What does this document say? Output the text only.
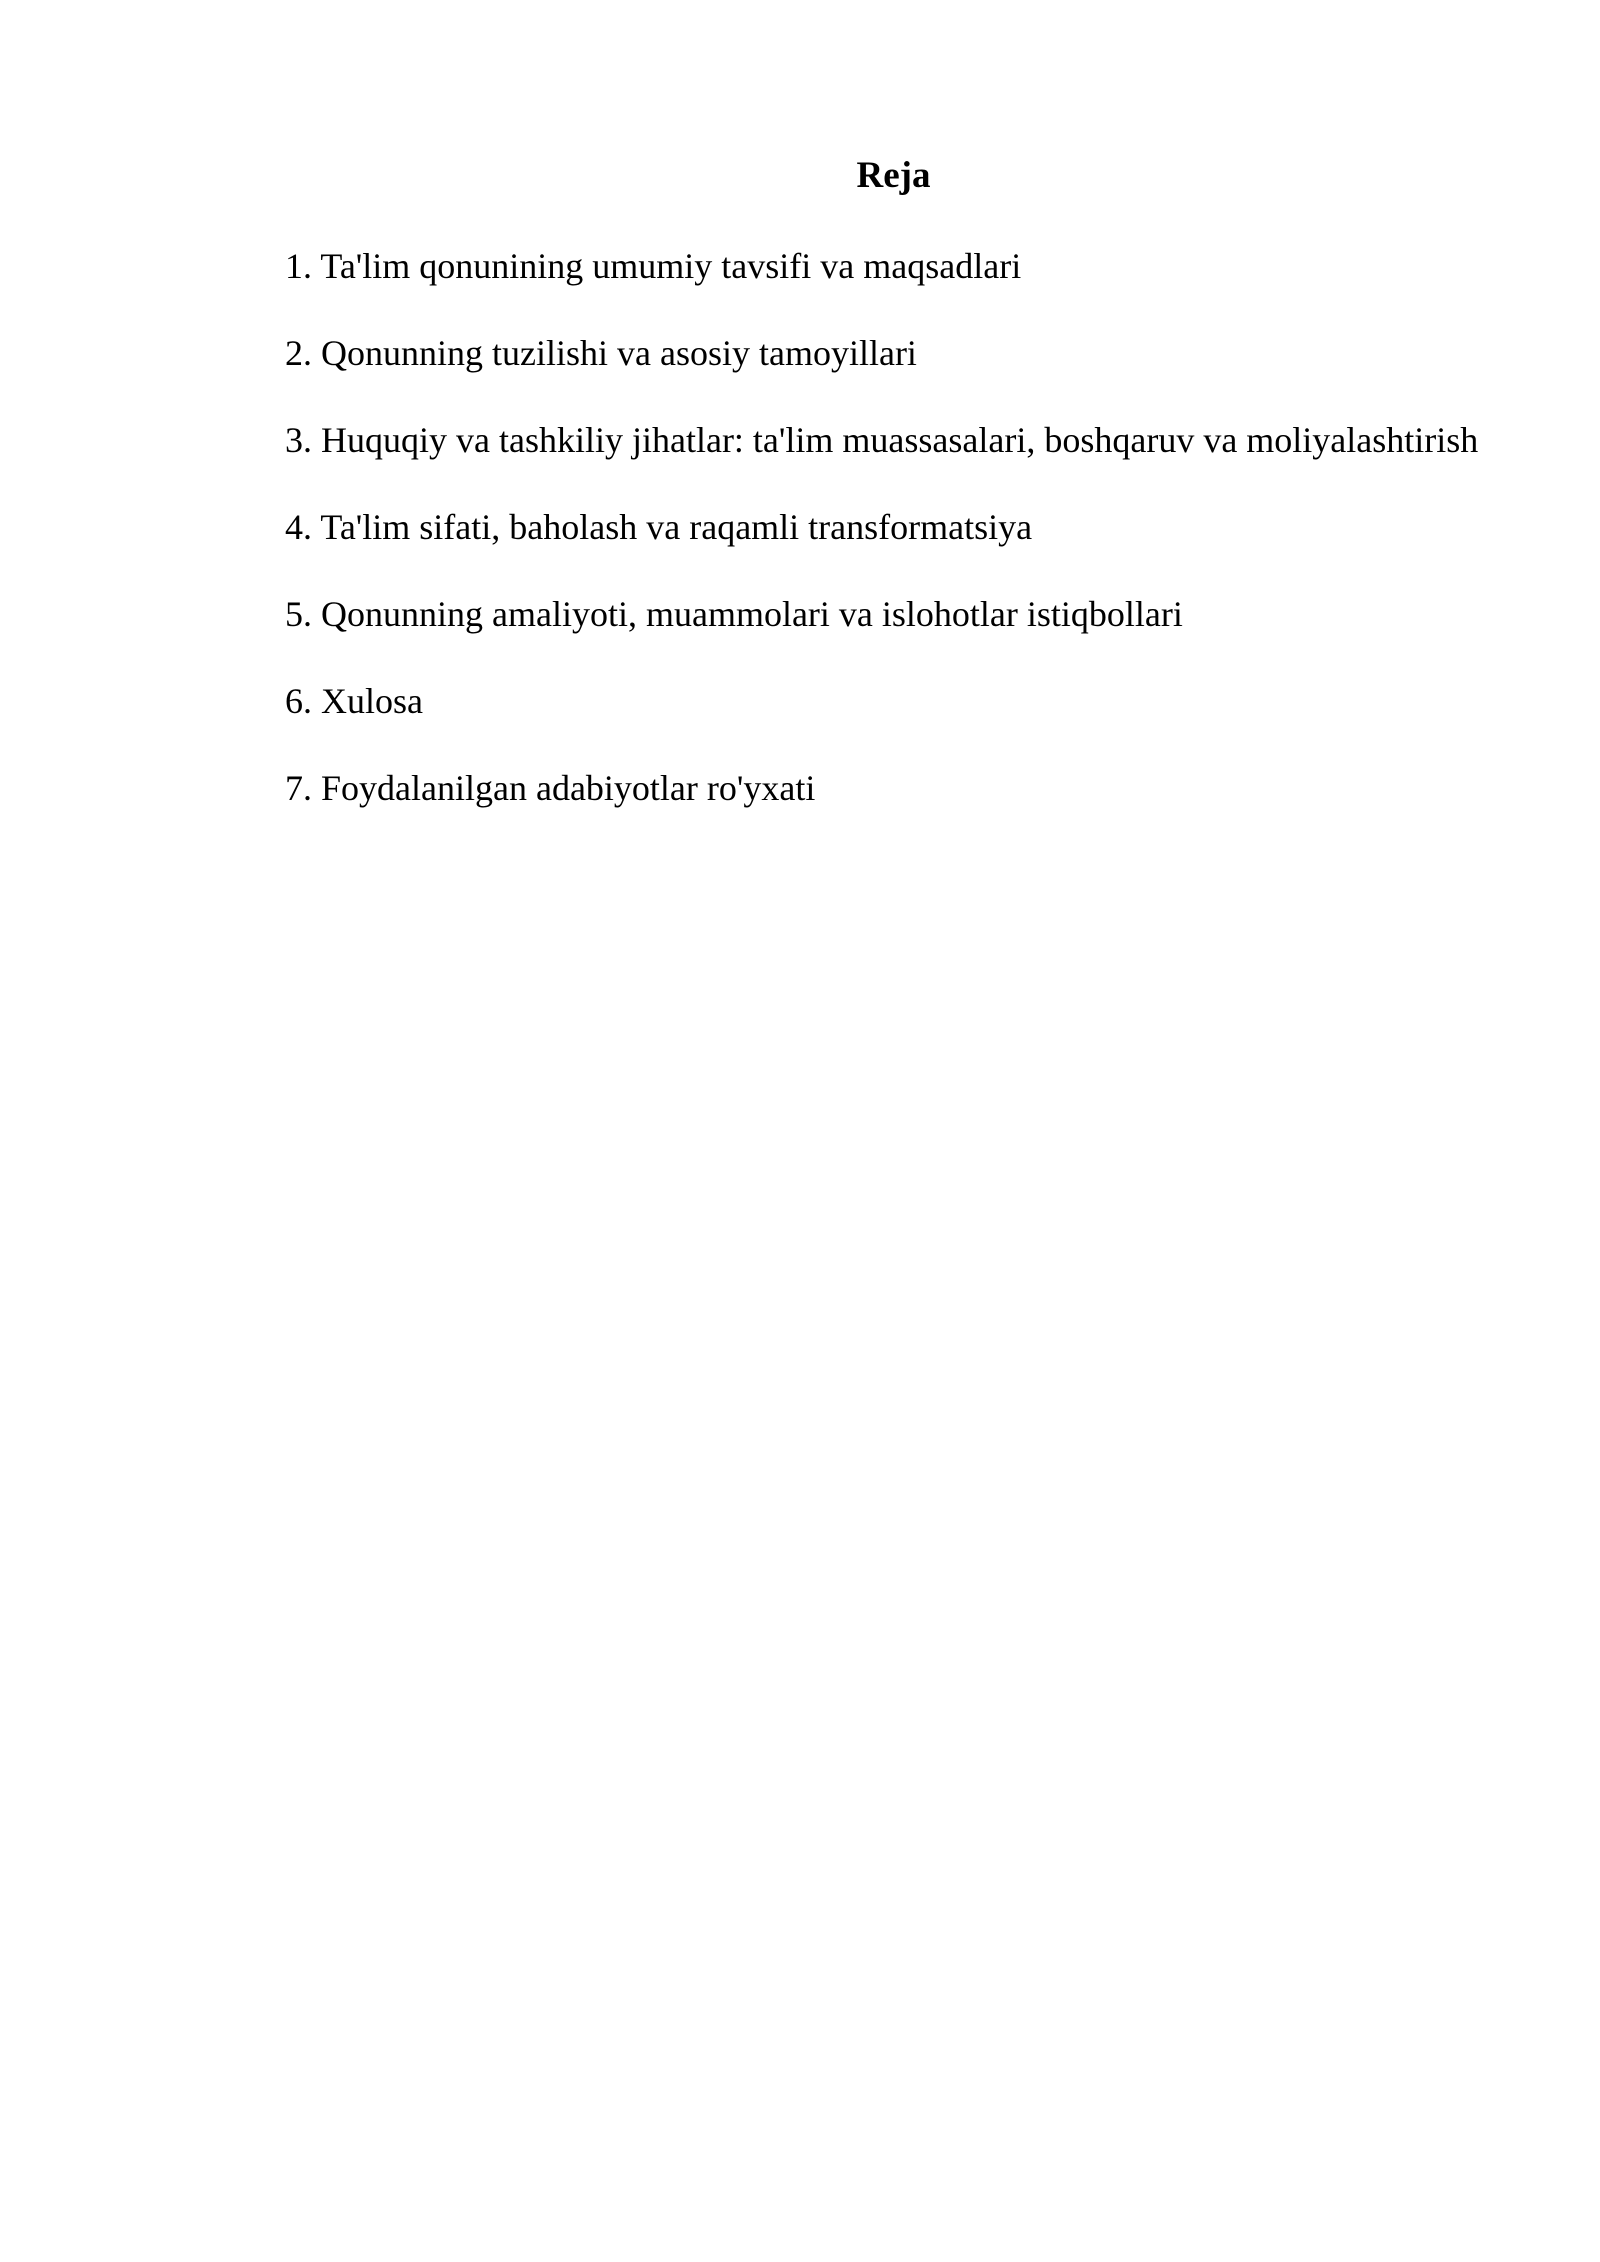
Reja
1. Ta'lim qonunining umumiy tavsifi va maqsadlari
2. Qonunning tuzilishi va asosiy tamoyillari
3. Huquqiy va tashkiliy jihatlar: ta'lim muassasalari, boshqaruv va moliyalashtirish
4. Ta'lim sifati, baholash va raqamli transformatsiya
5. Qonunning amaliyoti, muammolari va islohotlar istiqbollari
6. Xulosa
7. Foydalanilgan adabiyotlar ro'yxati
